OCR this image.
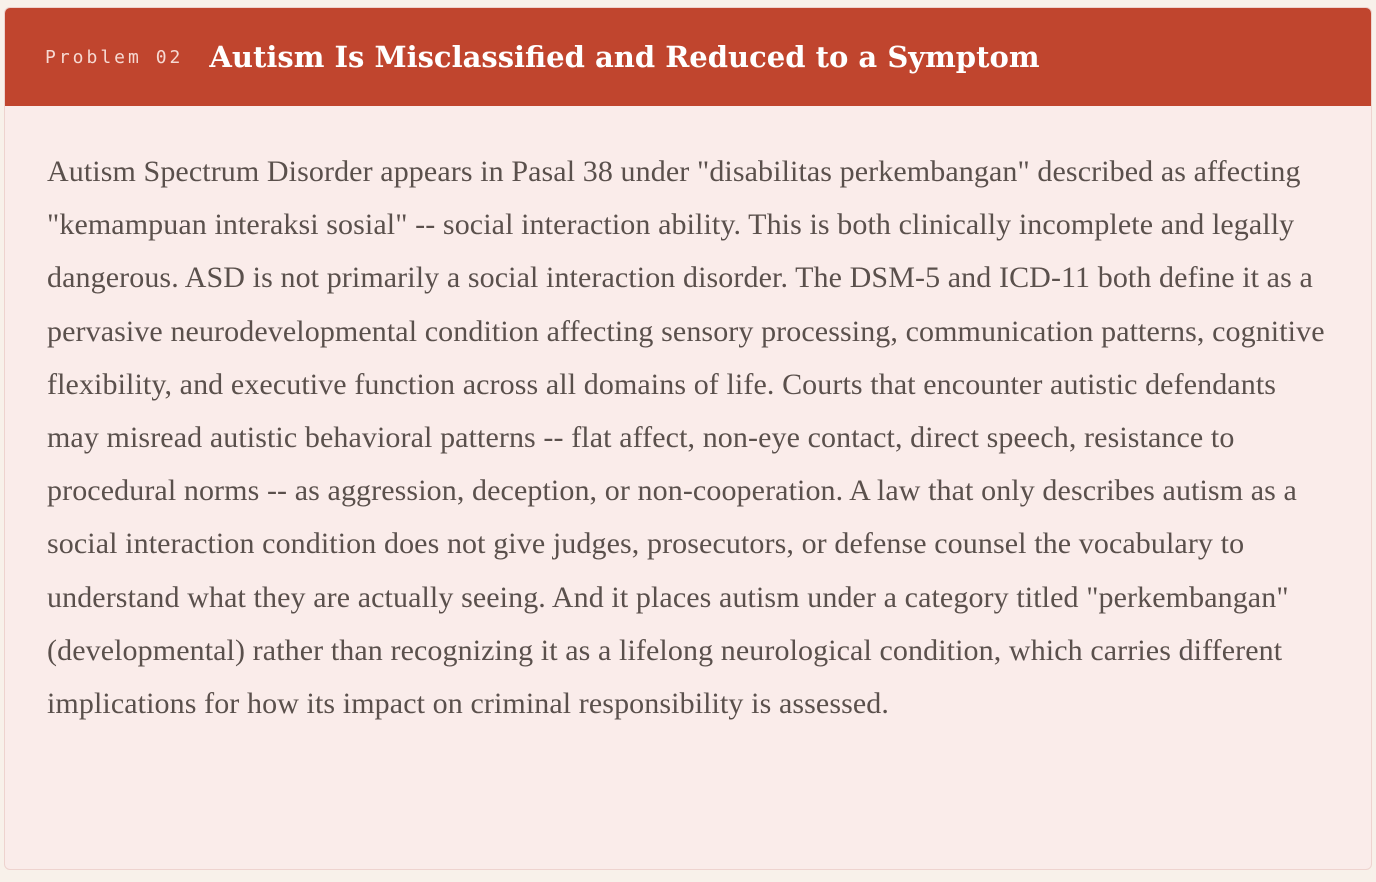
Problem 02 Autism Is Misclassified and Reduced to a Symptom

Autism Spectrum Disorder appears in Pasal 38 under "disabilitas perkembangan" described as affecting "kemampuan interaksi sosial" -- social interaction ability. This is both clinically incomplete and legally dangerous. ASD is not primarily a social interaction disorder. The DSM-5 and ICD-11 both define it as a pervasive neurodevelopmental condition affecting sensory processing, communication patterns, cognitive flexibility, and executive function across all domains of life. Courts that encounter autistic defendants may misread autistic behavioral patterns -- flat affect, non-eye contact, direct speech, resistance to procedural norms -- as aggression, deception, or non-cooperation. A law that only describes autism as a social interaction condition does not give judges, prosecutors, or defense counsel the vocabulary to understand what they are actually seeing. And it places autism under a category titled "perkembangan" (developmental) rather than recognizing it as a lifelong neurological condition, which carries different implications for how its impact on criminal responsibility is assessed.
